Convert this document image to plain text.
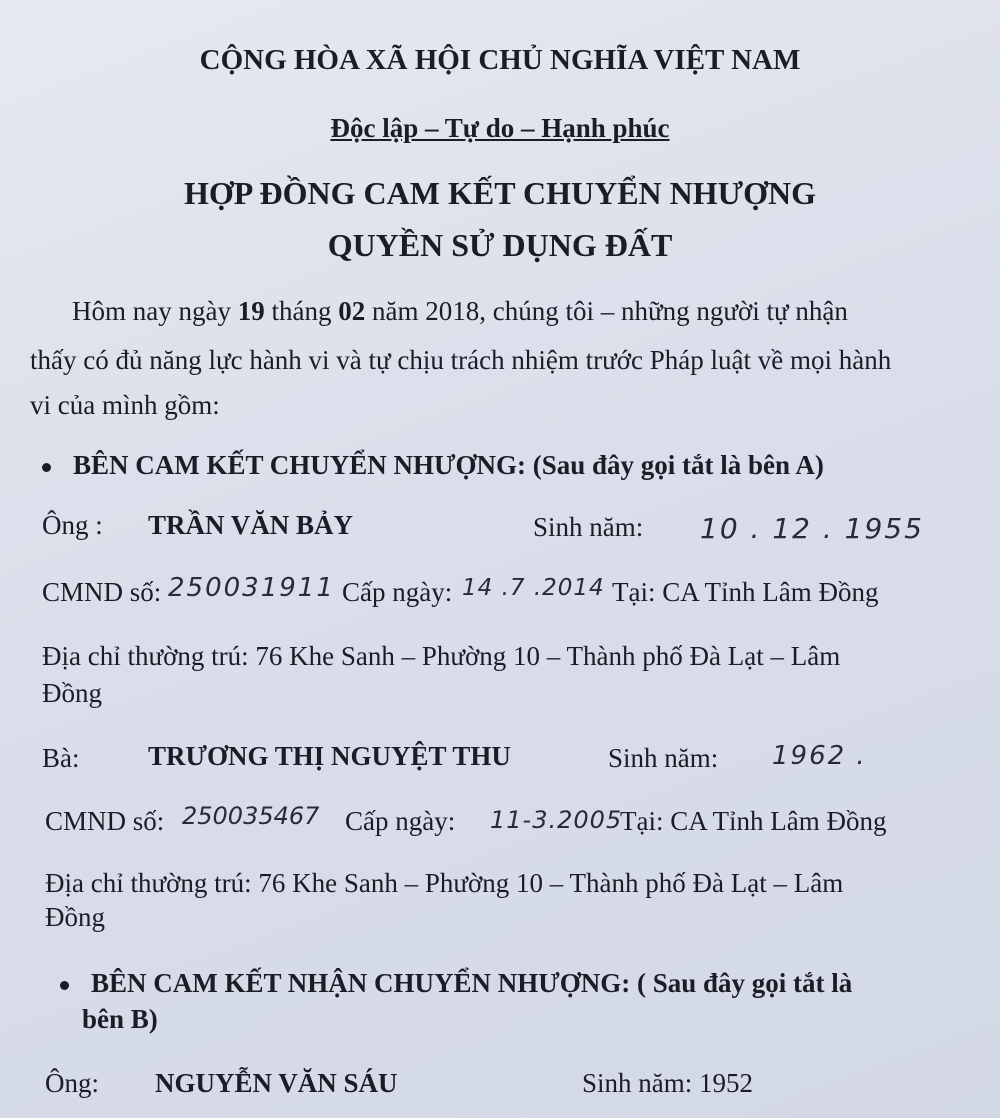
CỘNG HÒA XÃ HỘI CHỦ NGHĨA VIỆT NAM
Độc lập – Tự do – Hạnh phúc
HỢP ĐỒNG CAM KẾT CHUYỂN NHƯỢNG
QUYỀN SỬ DỤNG ĐẤT
Hôm nay ngày 19 tháng 02 năm 2018, chúng tôi – những người tự nhận
thấy có đủ năng lực hành vi và tự chịu trách nhiệm trước Pháp luật về mọi hành
vi của mình gồm:
BÊN CAM KẾT CHUYỂN NHƯỢNG: (Sau đây gọi tắt là bên A)
Ông : TRẦN VĂN BẢY	Sinh năm: 10 . 12 . 1955
CMND số: 250031911 Cấp ngày: 14 .7 .2014 Tại: CA Tỉnh Lâm Đồng
Địa chỉ thường trú: 76 Khe Sanh – Phường 10 – Thành phố Đà Lạt – Lâm
Đồng
Bà:	TRƯƠNG THỊ NGUYỆT THU	Sinh năm: 1962 .
CMND số: 250035467 Cấp ngày: 11-3.2005
Tại: CA Tỉnh Lâm Đồng
Địa chỉ thường trú: 76 Khe Sanh – Phường 10 – Thành phố Đà Lạt – Lâm
Đồng
BÊN CAM KẾT NHẬN CHUYỂN NHƯỢNG: ( Sau đây gọi tắt là
bên B)
Ông: NGUYỄN VĂN SÁU	Sinh năm: 1952
